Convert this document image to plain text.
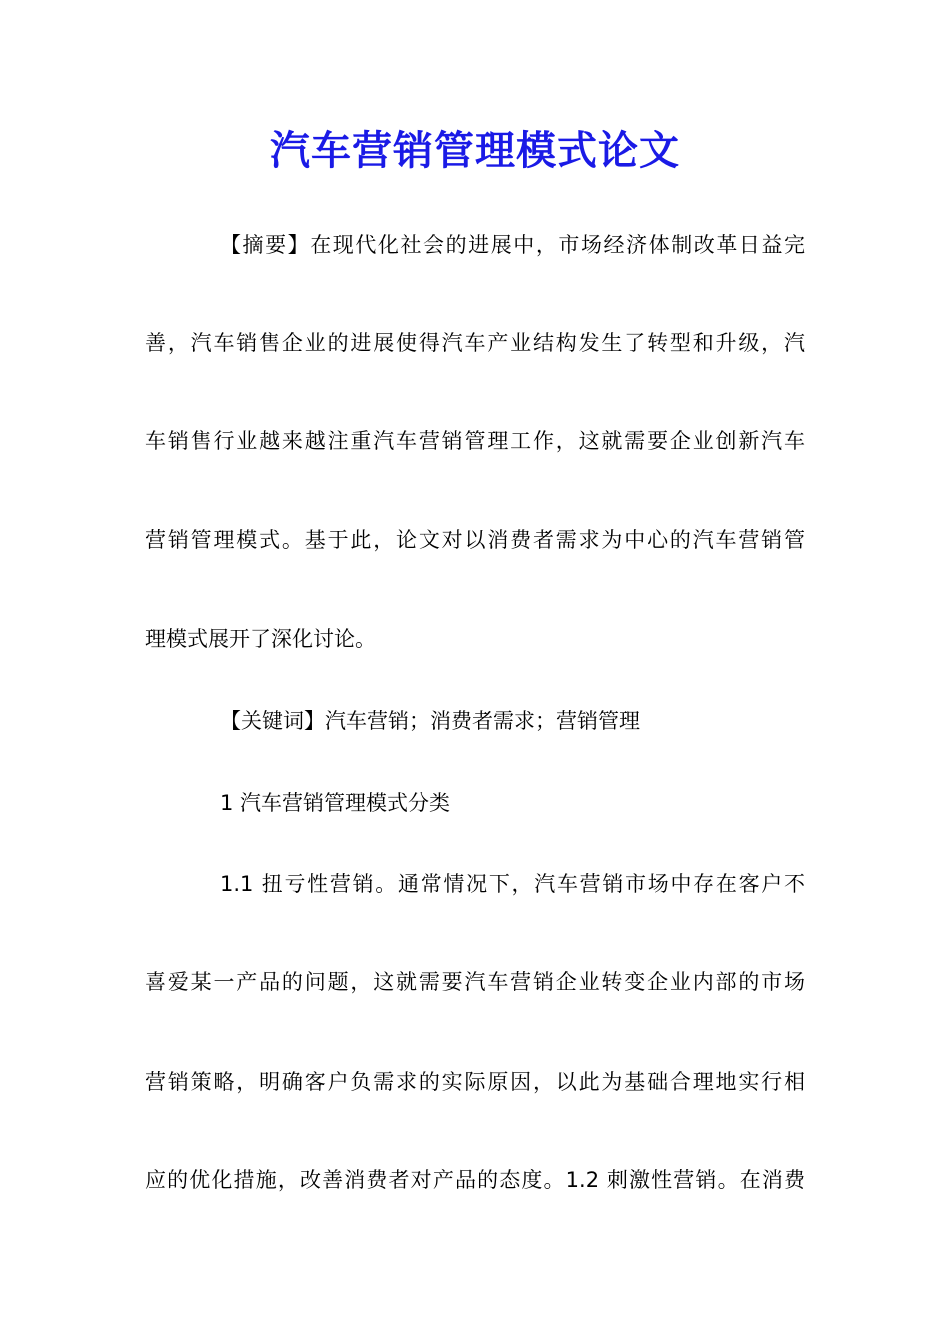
汽车营销管理模式论文

【摘要】在现代化社会的进展中，市场经济体制改革日益完

善，汽车销售企业的进展使得汽车产业结构发生了转型和升级，汽

车销售行业越来越注重汽车营销管理工作，这就需要企业创新汽车

营销管理模式。基于此，论文对以消费者需求为中心的汽车营销管

理模式展开了深化讨论。

【关键词】汽车营销；消费者需求；营销管理

1 汽车营销管理模式分类

1.1 扭亏性营销。通常情况下，汽车营销市场中存在客户不

喜爱某一产品的问题，这就需要汽车营销企业转变企业内部的市场

营销策略，明确客户负需求的实际原因，以此为基础合理地实行相

应的优化措施，改善消费者对产品的态度。1.2 刺激性营销。在消费
